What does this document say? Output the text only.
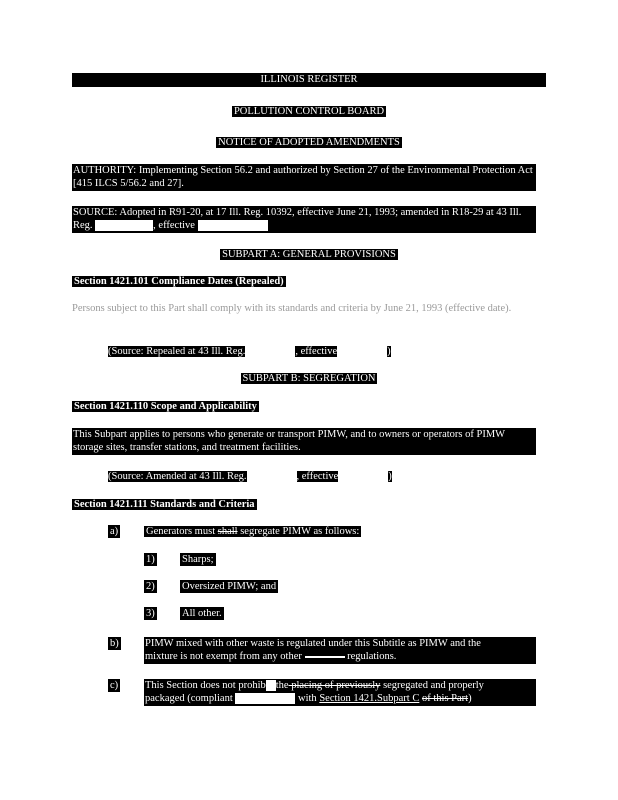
ILLINOIS REGISTER
POLLUTION CONTROL BOARD
NOTICE OF ADOPTED AMENDMENTS
AUTHORITY: Implementing Section 56.2 and authorized by Section 27 of the Environmental Protection Act [415 ILCS 5/56.2 and 27].
SOURCE: Adopted in R91-20, at 17 Ill. Reg. 10392, effective June 21, 1993; amended in R18-29 at 43 Ill. Reg.	, effective
SUBPART A: GENERAL PROVISIONS
Section 1421.101 Compliance Dates (Repealed)
Persons subject to this Part shall comply with its standards and criteria by June 21, 1993 (effective date).
(Source: Repealed at 43 Ill. Reg.	, effective	)
SUBPART B: SEGREGATION
Section 1421.110 Scope and Applicability
This Subpart applies to persons who generate or transport PIMW, and to owners or operators of PIMW storage sites, transfer stations, and treatment facilities.
(Source: Amended at 43 Ill. Reg.	, effective	)
Section 1421.111 Standards and Criteria
a)	Generators must shall segregate PIMW as follows:
1)	Sharps;
2)	Oversized PIMW; and
3)	All other.
b)	PIMW mixed with other waste is regulated under this Subtitle as PIMW and the
mixture is not exempt from any other	regulations.
c)	This Section does not prohib the placing of previously segregated and properly
packaged (compliant	with Section 1421.Subpart C of this Part)
